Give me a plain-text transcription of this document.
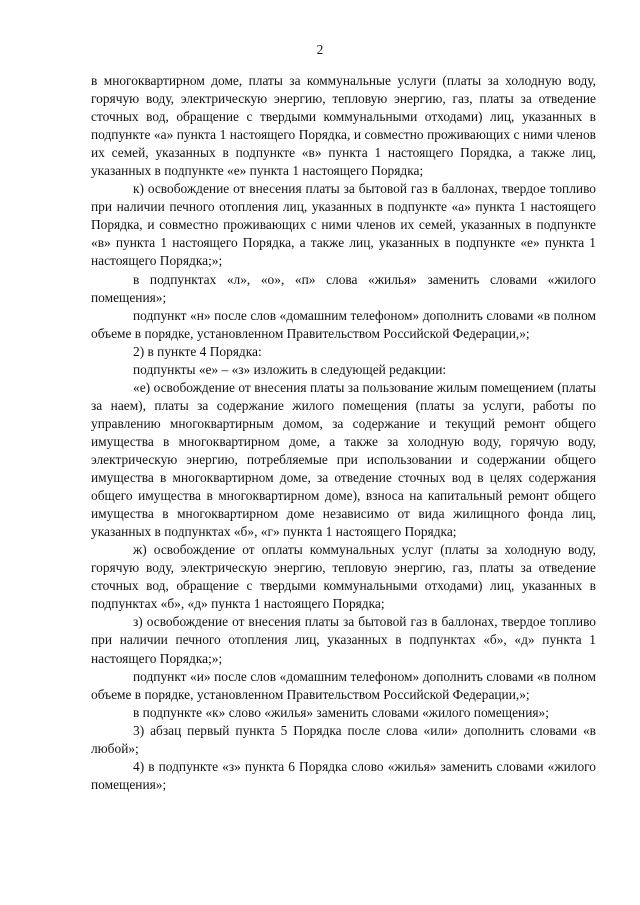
2

в многоквартирном доме, платы за коммунальные услуги (платы за холодную воду, горячую воду, электрическую энергию, тепловую энергию, газ, платы за отведение сточных вод, обращение с твердыми коммунальными отходами) лиц, указанных в подпункте «а» пункта 1 настоящего Порядка, и совместно проживающих с ними членов их семей, указанных в подпункте «в» пункта 1 настоящего Порядка, а также лиц, указанных в подпункте «е» пункта 1 настоящего Порядка;

к) освобождение от внесения платы за бытовой газ в баллонах, твердое топливо при наличии печного отопления лиц, указанных в подпункте «а» пункта 1 настоящего Порядка, и совместно проживающих с ними членов их семей, указанных в подпункте «в» пункта 1 настоящего Порядка, а также лиц, указанных в подпункте «е» пункта 1 настоящего Порядка;»;

в подпунктах «л», «о», «п» слова «жилья» заменить словами «жилого помещения»;

подпункт «н» после слов «домашним телефоном» дополнить словами «в полном объеме в порядке, установленном Правительством Российской Федерации,»;

2) в пункте 4 Порядка:

подпункты «е» – «з» изложить в следующей редакции:

«е) освобождение от внесения платы за пользование жилым помещением (платы за наем), платы за содержание жилого помещения (платы за услуги, работы по управлению многоквартирным домом, за содержание и текущий ремонт общего имущества в многоквартирном доме, а также за холодную воду, горячую воду, электрическую энергию, потребляемые при использовании и содержании общего имущества в многоквартирном доме, за отведение сточных вод в целях содержания общего имущества в многоквартирном доме), взноса на капитальный ремонт общего имущества в многоквартирном доме независимо от вида жилищного фонда лиц, указанных в подпунктах «б», «г» пункта 1 настоящего Порядка;

ж) освобождение от оплаты коммунальных услуг (платы за холодную воду, горячую воду, электрическую энергию, тепловую энергию, газ, платы за отведение сточных вод, обращение с твердыми коммунальными отходами) лиц, указанных в подпунктах «б», «д» пункта 1 настоящего Порядка;

з) освобождение от внесения платы за бытовой газ в баллонах, твердое топливо при наличии печного отопления лиц, указанных в подпунктах «б», «д» пункта 1 настоящего Порядка;»;

подпункт «и» после слов «домашним телефоном» дополнить словами «в полном объеме в порядке, установленном Правительством Российской Федерации,»;

в подпункте «к» слово «жилья» заменить словами «жилого помещения»;

3) абзац первый пункта 5 Порядка после слова «или» дополнить словами «в любой»;

4) в подпункте «з» пункта 6 Порядка слово «жилья» заменить словами «жилого помещения»;
